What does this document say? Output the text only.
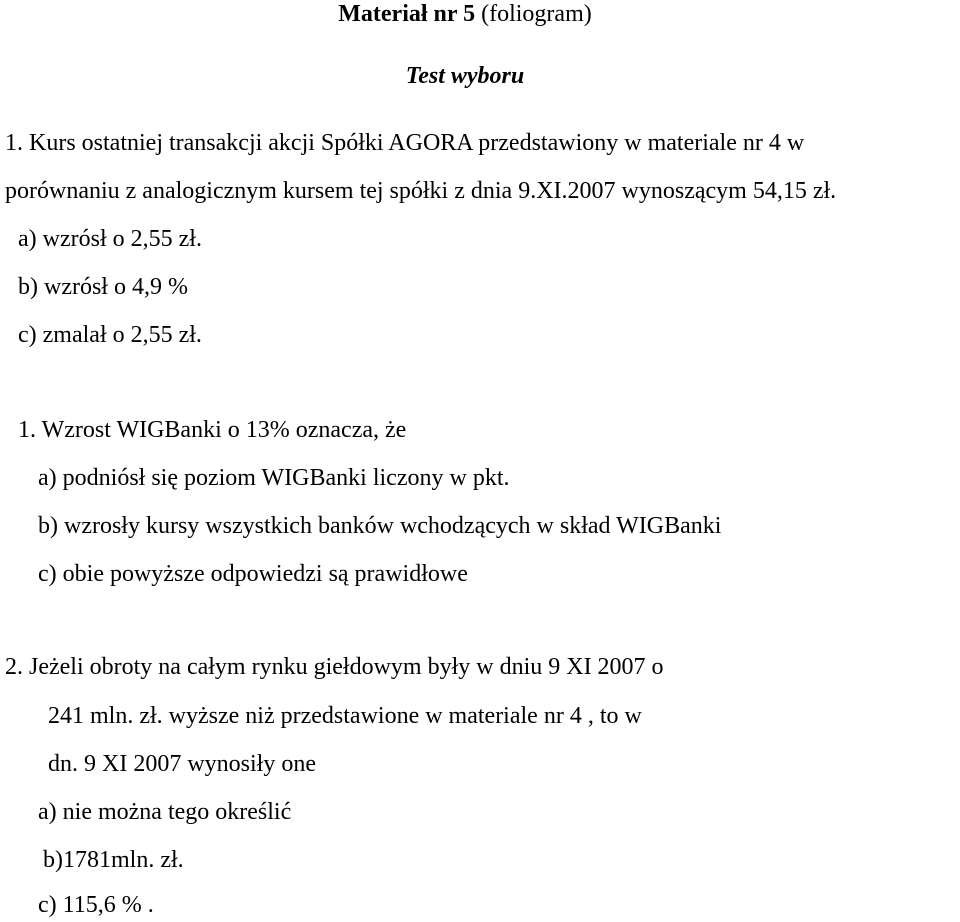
Materiał nr 5 (foliogram)
Test wyboru
1. Kurs ostatniej transakcji akcji Spółki AGORA przedstawiony w materiale nr 4 w
porównaniu z analogicznym kursem tej spółki z dnia 9.XI.2007 wynoszącym 54,15 zł.
a) wzrósł o 2,55 zł.
b) wzrósł o 4,9 %
c) zmalał o 2,55 zł.
1. Wzrost WIGBanki o 13% oznacza, że
a) podniósł się poziom WIGBanki liczony w pkt.
b) wzrosły kursy wszystkich banków wchodzących w skład WIGBanki
c) obie powyższe odpowiedzi są prawidłowe
2. Jeżeli obroty na całym rynku giełdowym były w dniu 9 XI 2007 o
241 mln. zł. wyższe niż przedstawione w materiale nr 4 , to w
dn. 9 XI 2007 wynosiły one
a) nie można tego określić
b)1781mln. zł.
c) 115,6 % .
